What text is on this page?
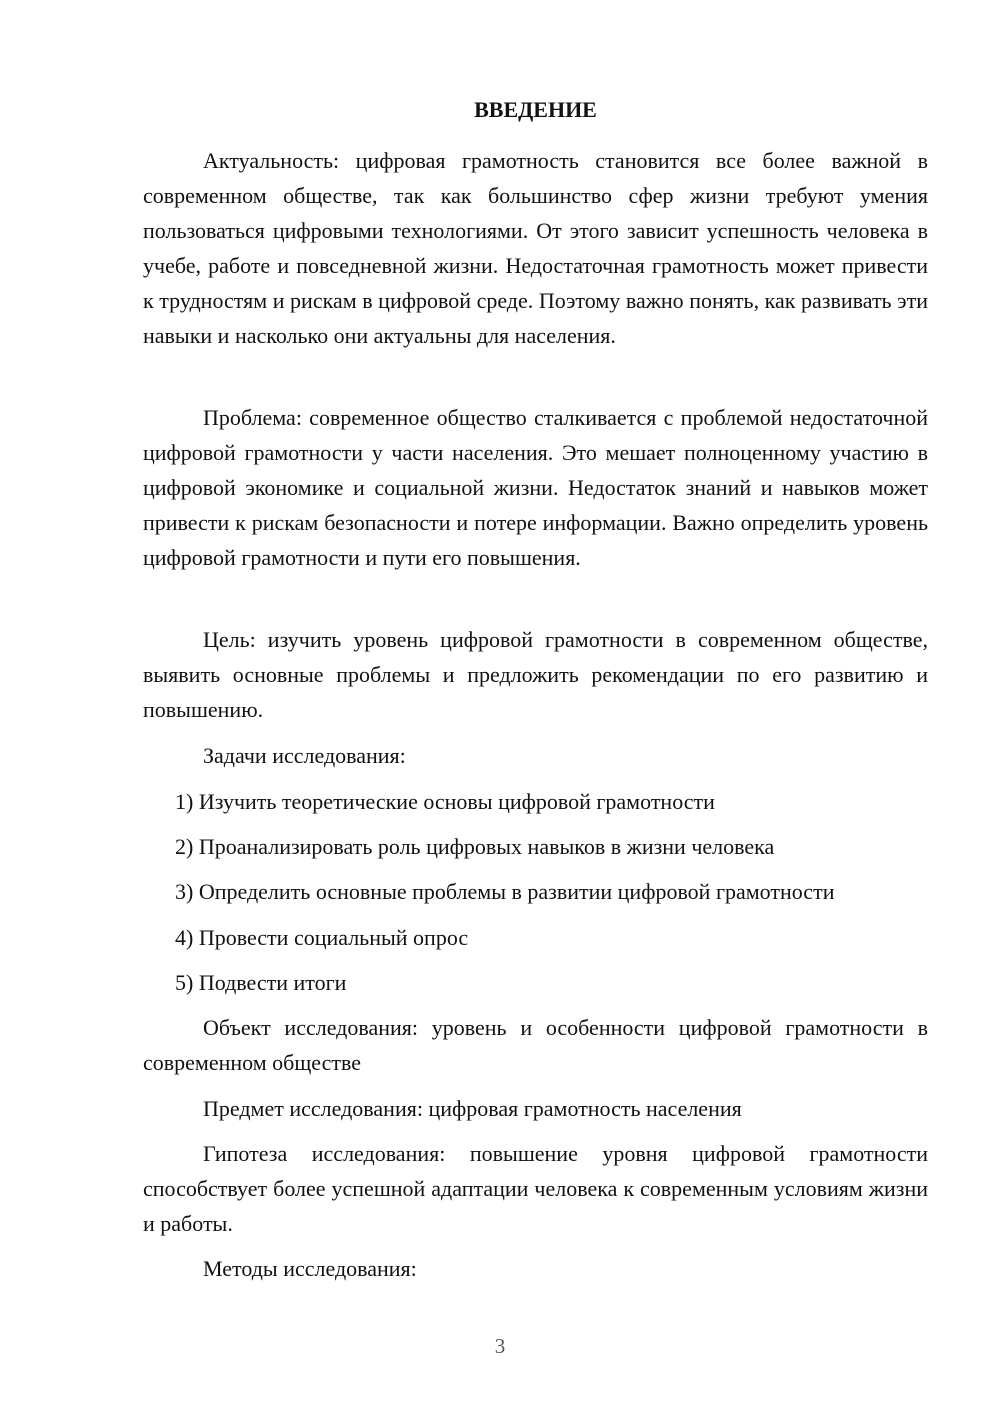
ВВЕДЕНИЕ

Актуальность: цифровая грамотность становится все более важной в современном обществе, так как большинство сфер жизни требуют умения пользоваться цифровыми технологиями. От этого зависит успешность человека в учебе, работе и повседневной жизни. Недостаточная грамотность может привести к трудностям и рискам в цифровой среде. Поэтому важно понять, как развивать эти навыки и насколько они актуальны для населения.

Проблема: современное общество сталкивается с проблемой недостаточной цифровой грамотности у части населения. Это мешает полноценному участию в цифровой экономике и социальной жизни. Недостаток знаний и навыков может привести к рискам безопасности и потере информации. Важно определить уровень цифровой грамотности и пути его повышения.

Цель: изучить уровень цифровой грамотности в современном обществе, выявить основные проблемы и предложить рекомендации по его развитию и повышению.

Задачи исследования:

1) Изучить теоретические основы цифровой грамотности

2) Проанализировать роль цифровых навыков в жизни человека

3) Определить основные проблемы в развитии цифровой грамотности

4) Провести социальный опрос

5) Подвести итоги

Объект исследования: уровень и особенности цифровой грамотности в современном обществе

Предмет исследования: цифровая грамотность населения

Гипотеза исследования: повышение уровня цифровой грамотности способствует более успешной адаптации человека к современным условиям жизни и работы.

Методы исследования:

3
